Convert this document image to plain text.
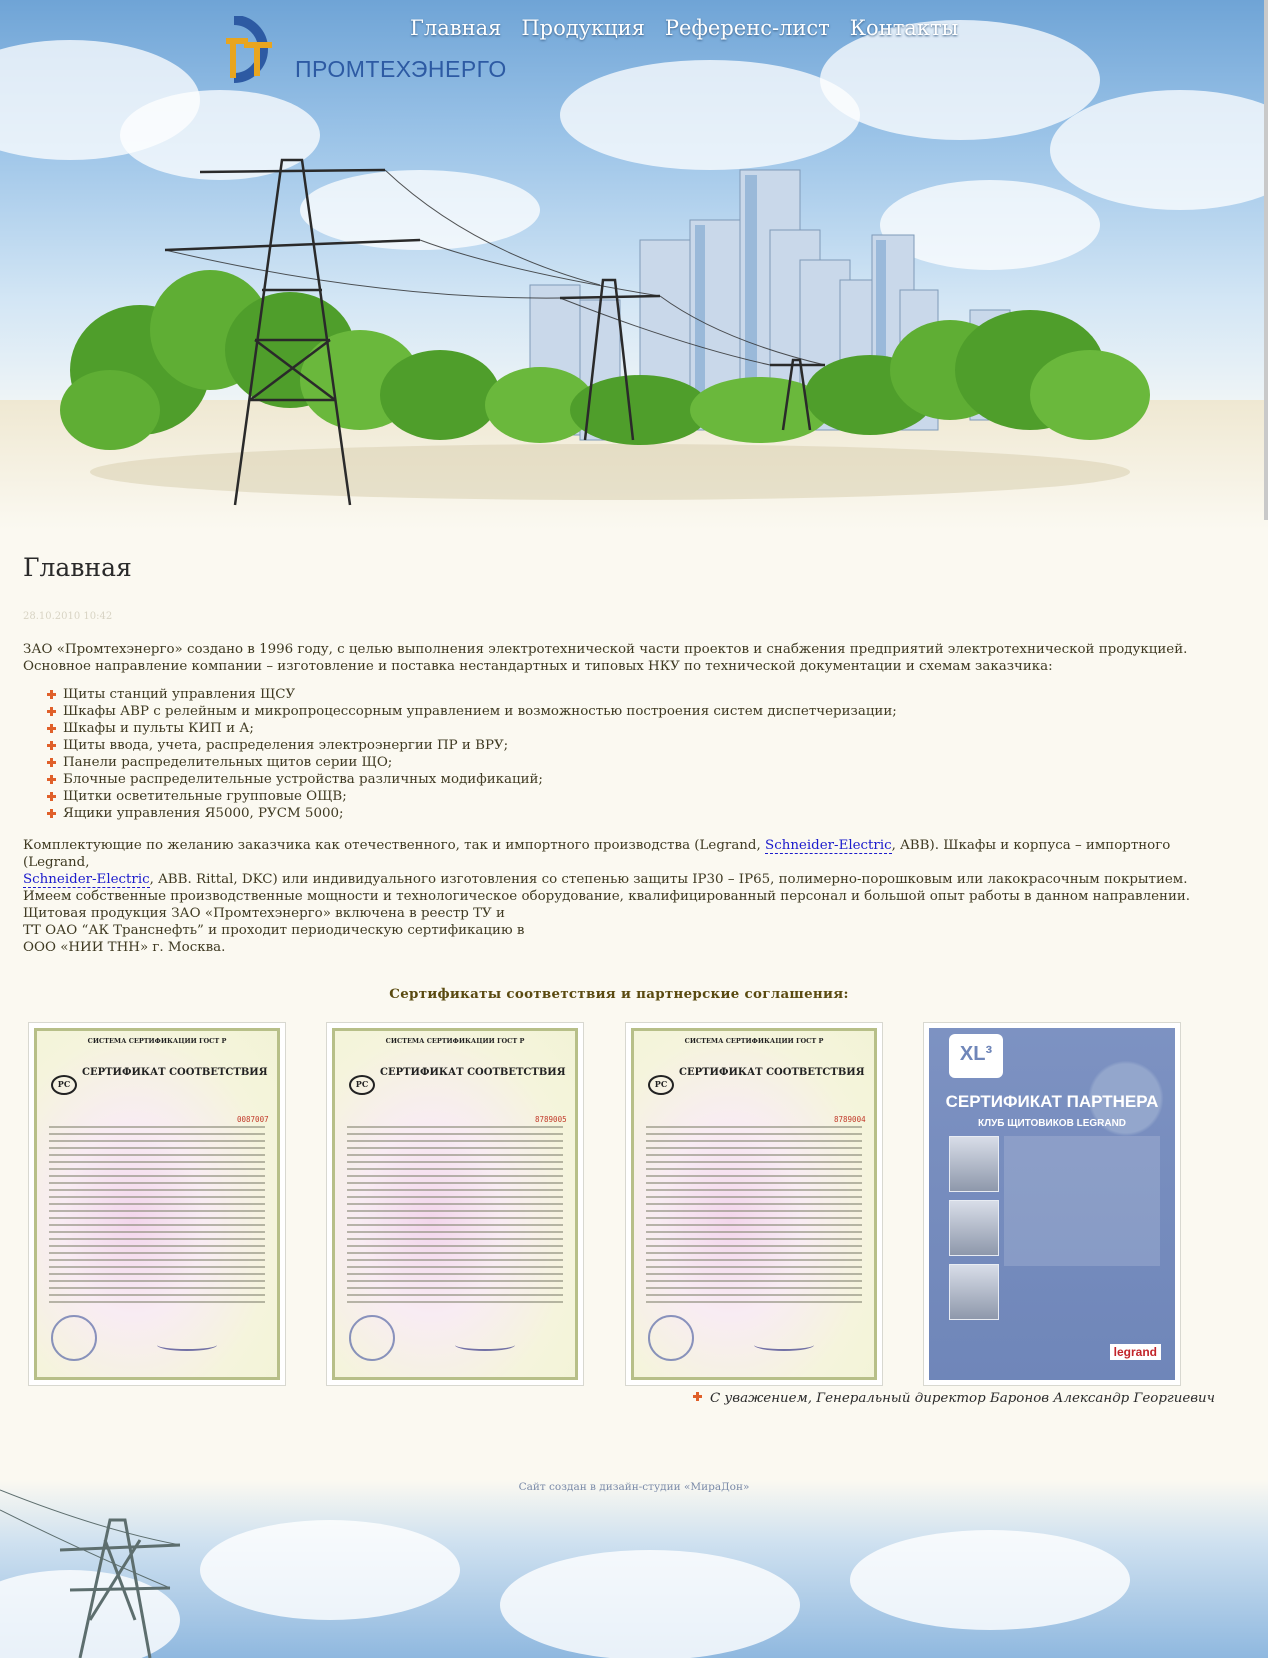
ПРОМТЕХЭНЕРГО
Главная Продукция Референс-лист Контакты
Главная
28.10.2010 10:42

ЗАО «Промтехэнерго» создано в 1996 году, с целью выполнения электротехнической части проектов и снабжения предприятий электротехнической продукцией.

Основное направление компании – изготовление и поставка нестандартных и типовых НКУ по технической документации и схемам заказчика:

Щиты станций управления ЩСУ
Шкафы АВР с релейным и микропроцессорным управлением и возможностью построения систем диспетчеризации;
Шкафы и пульты КИП и А;
Щиты ввода, учета, распределения электроэнергии ПР и ВРУ;
Панели распределительных щитов серии ЩО;
Блочные распределительные устройства различных модификаций;
Щитки осветительные групповые ОЩВ;
Ящики управления Я5000, РУСМ 5000;

Комплектующие по желанию заказчика как отечественного, так и импортного производства (Legrand, Schneider-Electric, ABB). Шкафы и корпуса – импортного (Legrand,
Schneider-Electric, ABB. Rittal, DKC) или индивидуального изготовления со степенью защиты IP30 – IP65, полимерно-порошковым или лакокрасочным покрытием.

Имеем собственные производственные мощности и технологическое оборудование, квалифицированный персонал и большой опыт работы в данном направлении.

Щитовая продукция ЗАО «Промтехэнерго» включена в реестр ТУ и

ТТ ОАО “АК Транснефть” и проходит периодическую сертификацию в

ООО «НИИ ТНН» г. Москва.

Сертификаты соответствия и партнерские соглашения:
СИСТЕМА СЕРТИФИКАЦИИ ГОСТ Р
РС
СЕРТИФИКАТ СООТВЕТСТВИЯ
0087007
СИСТЕМА СЕРТИФИКАЦИИ ГОСТ Р
РС
СЕРТИФИКАТ СООТВЕТСТВИЯ
8789005
СИСТЕМА СЕРТИФИКАЦИИ ГОСТ Р
РС
СЕРТИФИКАТ СООТВЕТСТВИЯ
8789004
XL³
СЕРТИФИКАТ ПАРТНЕРА
КЛУБ ЩИТОВИКОВ LEGRAND
legrand
С уважением, Генеральный директор Баронов Александр Георгиевич
Сайт создан в дизайн-студии «МираДон»
